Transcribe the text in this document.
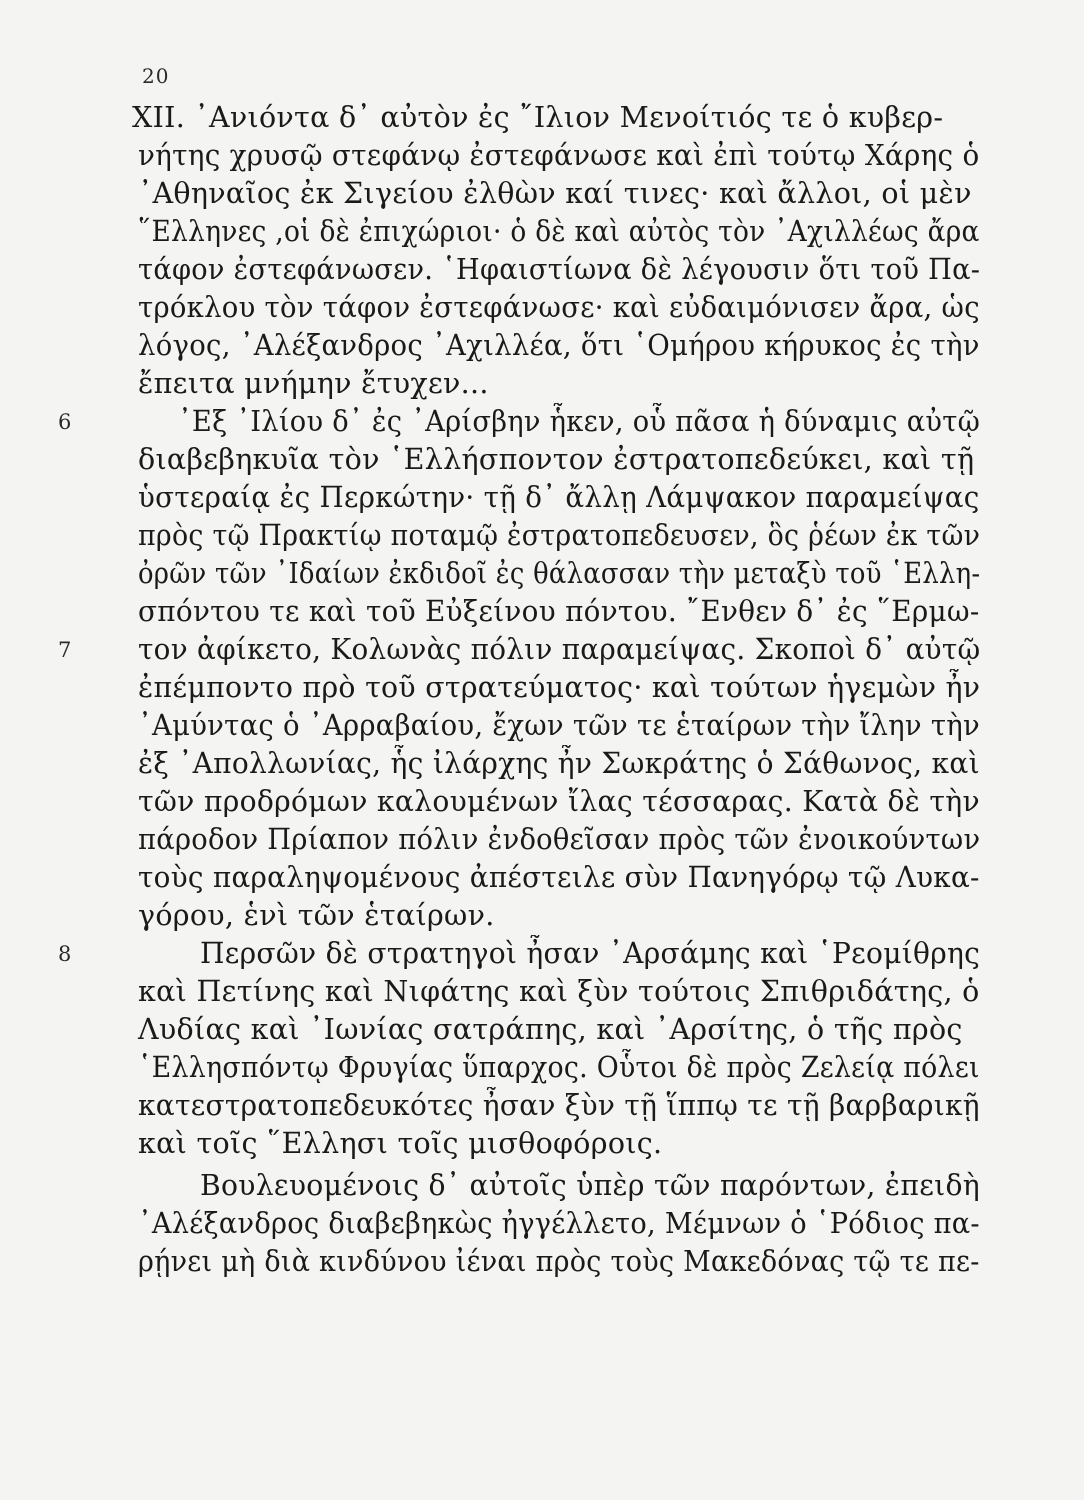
20
XII. ᾿Ανιόντα δ᾿ αὐτὸν ἐς ῎Ιλιον Μενοίτιός τε ὁ κυβερ-
νήτης χρυσῷ στεφάνῳ ἐστεφάνωσε καὶ ἐπὶ τούτῳ Χάρης ὁ
᾿Αθηναῖος ἐκ Σιγείου ἐλθὼν καί τινες· καὶ ἄλλοι, οἱ μὲν
῞Ελληνες ,οἱ δὲ ἐπιχώριοι· ὁ δὲ καὶ αὐτὸς τὸν ᾿Αχιλλέως ἄρα
τάφον ἐστεφάνωσεν. ῾Ηφαιστίωνα δὲ λέγουσιν ὅτι τοῦ Πα-
τρόκλου τὸν τάφον ἐστεφάνωσε· καὶ εὐδαιμόνισεν ἄρα, ὡς
λόγος, ᾿Αλέξανδρος ᾿Αχιλλέα, ὅτι ῾Ομήρου κήρυκος ἐς τὴν
ἔπειτα μνήμην ἔτυχεν...
6	᾿Εξ ᾿Ιλίου δ᾿ ἐς ᾿Αρίσβην ἧκεν, οὗ πᾶσα ἡ δύναμις αὐτῷ
διαβεβηκυῖα τὸν ῾Ελλήσποντον ἐστρατοπεδεύκει, καὶ τῇ
ὑστεραίᾳ ἐς Περκώτην· τῇ δ᾿ ἄλλῃ Λάμψακον παραμείψας
πρὸς τῷ Πρακτίῳ ποταμῷ ἐστρατοπεδευσεν, ὃς ῥέων ἐκ τῶν
ὀρῶν τῶν ᾿Ιδαίων ἐκδιδοῖ ἐς θάλασσαν τὴν μεταξὺ τοῦ ῾Ελλη-
σπόντου τε καὶ τοῦ Εὐξείνου πόντου. ῎Ενθεν δ᾿ ἐς ῞Ερμω-
7 τον ἀφίκετο, Κολωνὰς πόλιν παραμείψας. Σκοποὶ δ᾿ αὐτῷ
ἐπέμποντο πρὸ τοῦ στρατεύματος· καὶ τούτων ἡγεμὼν ἦν
᾿Αμύντας ὁ ᾿Αρραβαίου, ἔχων τῶν τε ἑταίρων τὴν ἴλην τὴν
ἐξ ᾿Απολλωνίας, ἧς ἰλάρχης ἦν Σωκράτης ὁ Σάθωνος, καὶ
τῶν προδρόμων καλουμένων ἴλας τέσσαρας. Κατὰ δὲ τὴν
πάροδον Πρίαπον πόλιν ἐνδοθεῖσαν πρὸς τῶν ἐνοικούντων
τοὺς παραληψομένους ἀπέστειλε σὺν Πανηγόρῳ τῷ Λυκα-
γόρου, ἑνὶ τῶν ἑταίρων.
8	Περσῶν δὲ στρατηγοὶ ἦσαν ᾿Αρσάμης καὶ ῾Ρεομίθρης
καὶ Πετίνης καὶ Νιφάτης καὶ ξὺν τούτοις Σπιθριδάτης, ὁ
Λυδίας καὶ ᾿Ιωνίας σατράπης, καὶ ᾿Αρσίτης, ὁ τῆς πρὸς
῾Ελλησπόντῳ Φρυγίας ὕπαρχος. Οὗτοι δὲ πρὸς Ζελείᾳ πόλει
κατεστρατοπεδευκότες ἦσαν ξὺν τῇ ἵππῳ τε τῇ βαρβαρικῇ
καὶ τοῖς ῞Ελλησι τοῖς μισθοφόροις.
Βουλευομένοις δ᾿ αὐτοῖς ὑπὲρ τῶν παρόντων, ἐπειδὴ
᾿Αλέξανδρος διαβεβηκὼς ἠγγέλλετο, Μέμνων ὁ ῾Ρόδιος πα-
ρῄνει μὴ διὰ κινδύνου ἰέναι πρὸς τοὺς Μακεδόνας τῷ τε πε-
